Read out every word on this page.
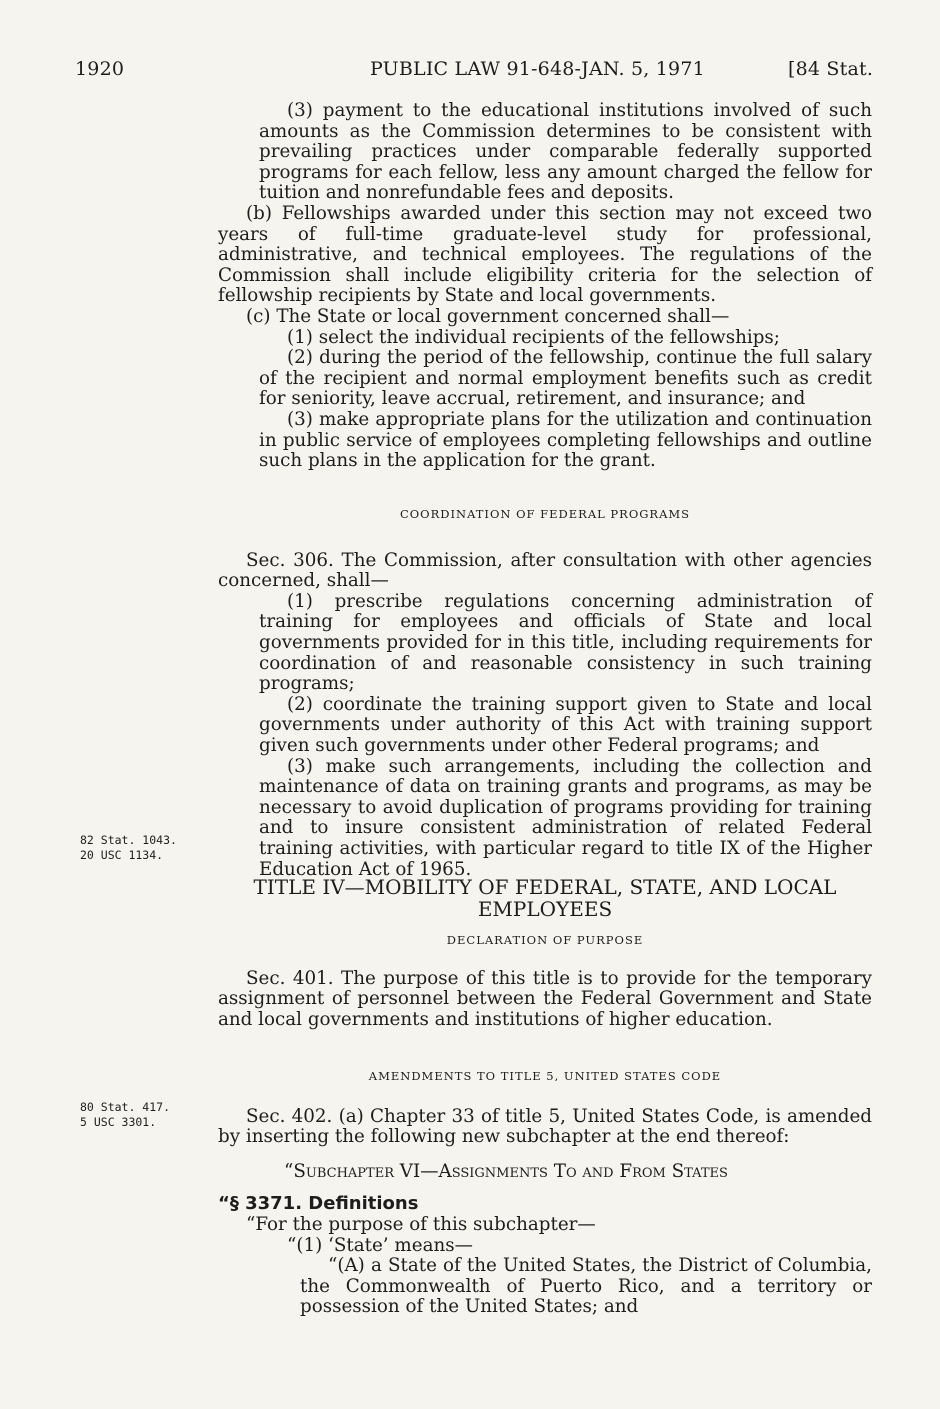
1920	PUBLIC LAW 91-648-JAN. 5, 1971	[84 Stat.

(3) payment to the educational institutions involved of such amounts as the Commission determines to be consistent with prevailing practices under comparable federally supported programs for each fellow, less any amount charged the fellow for tuition and nonrefundable fees and deposits.

(b) Fellowships awarded under this section may not exceed two years of full-time graduate-level study for professional, administrative, and technical employees. The regulations of the Commission shall include eligibility criteria for the selection of fellowship recipients by State and local governments.

(c) The State or local government concerned shall—

(1) select the individual recipients of the fellowships;

(2) during the period of the fellowship, continue the full salary of the recipient and normal employment benefits such as credit for seniority, leave accrual, retirement, and insurance; and

(3) make appropriate plans for the utilization and continuation in public service of employees completing fellowships and outline such plans in the application for the grant.

COORDINATION OF FEDERAL PROGRAMS

Sec. 306. The Commission, after consultation with other agencies concerned, shall—

(1) prescribe regulations concerning administration of training for employees and officials of State and local governments provided for in this title, including requirements for coordination of and reasonable consistency in such training programs;

(2) coordinate the training support given to State and local governments under authority of this Act with training support given such governments under other Federal programs; and

(3) make such arrangements, including the collection and maintenance of data on training grants and programs, as may be necessary to avoid duplication of programs providing for training and to insure consistent administration of related Federal training activities, with particular regard to title IX of the Higher Education Act of 1965.

82 Stat. 1043.
20 USC 1134.

TITLE IV—MOBILITY OF FEDERAL, STATE, AND LOCAL EMPLOYEES

DECLARATION OF PURPOSE

Sec. 401. The purpose of this title is to provide for the temporary assignment of personnel between the Federal Government and State and local governments and institutions of higher education.

AMENDMENTS TO TITLE 5, UNITED STATES CODE

Sec. 402. (a) Chapter 33 of title 5, United States Code, is amended by inserting the following new subchapter at the end thereof:

“Subchapter VI—Assignments To and From States

“§ 3371. Definitions

“For the purpose of this subchapter—

“(1) ‘State’ means—

“(A) a State of the United States, the District of Columbia, the Commonwealth of Puerto Rico, and a territory or possession of the United States; and

80 Stat. 417.
5 USC 3301.
